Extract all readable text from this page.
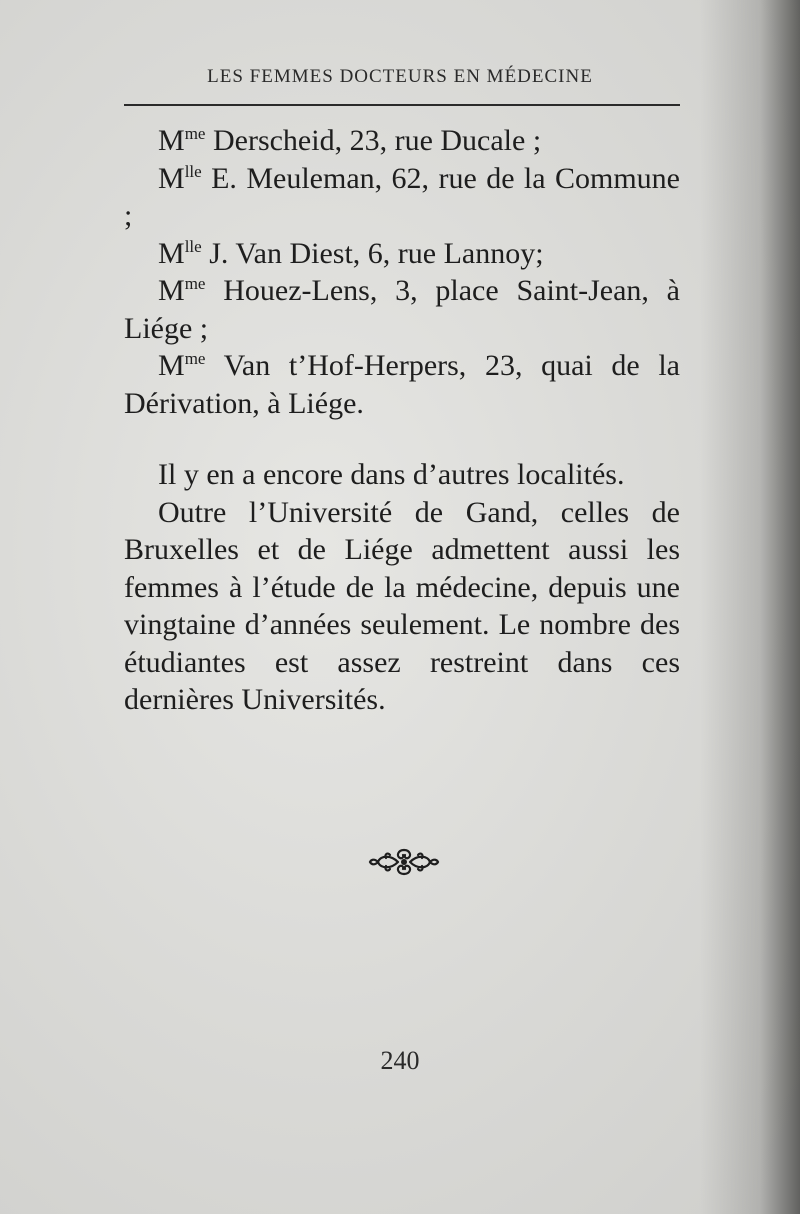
LES FEMMES DOCTEURS EN MÉDECINE

$M^{me}$ Derscheid, 23, rue Ducale ;

$M^{lle}$ E. Meuleman, 62, rue de la Commune ;

$M^{lle}$ J. Van Diest, 6, rue Lannoy;

$M^{me}$ Houez-Lens, 3, place Saint-Jean, à Liége ;

$M^{me}$ Van t’Hof-Herpers, 23, quai de la Dérivation, à Liége.

Il y en a encore dans d’autres localités.

Outre l’Université de Gand, celles de Bruxelles et de Liége admettent aussi les femmes à l’étude de la médecine, depuis une vingtaine d’années seulement. Le nombre des étudiantes est assez restreint dans ces dernières Universités.

240
